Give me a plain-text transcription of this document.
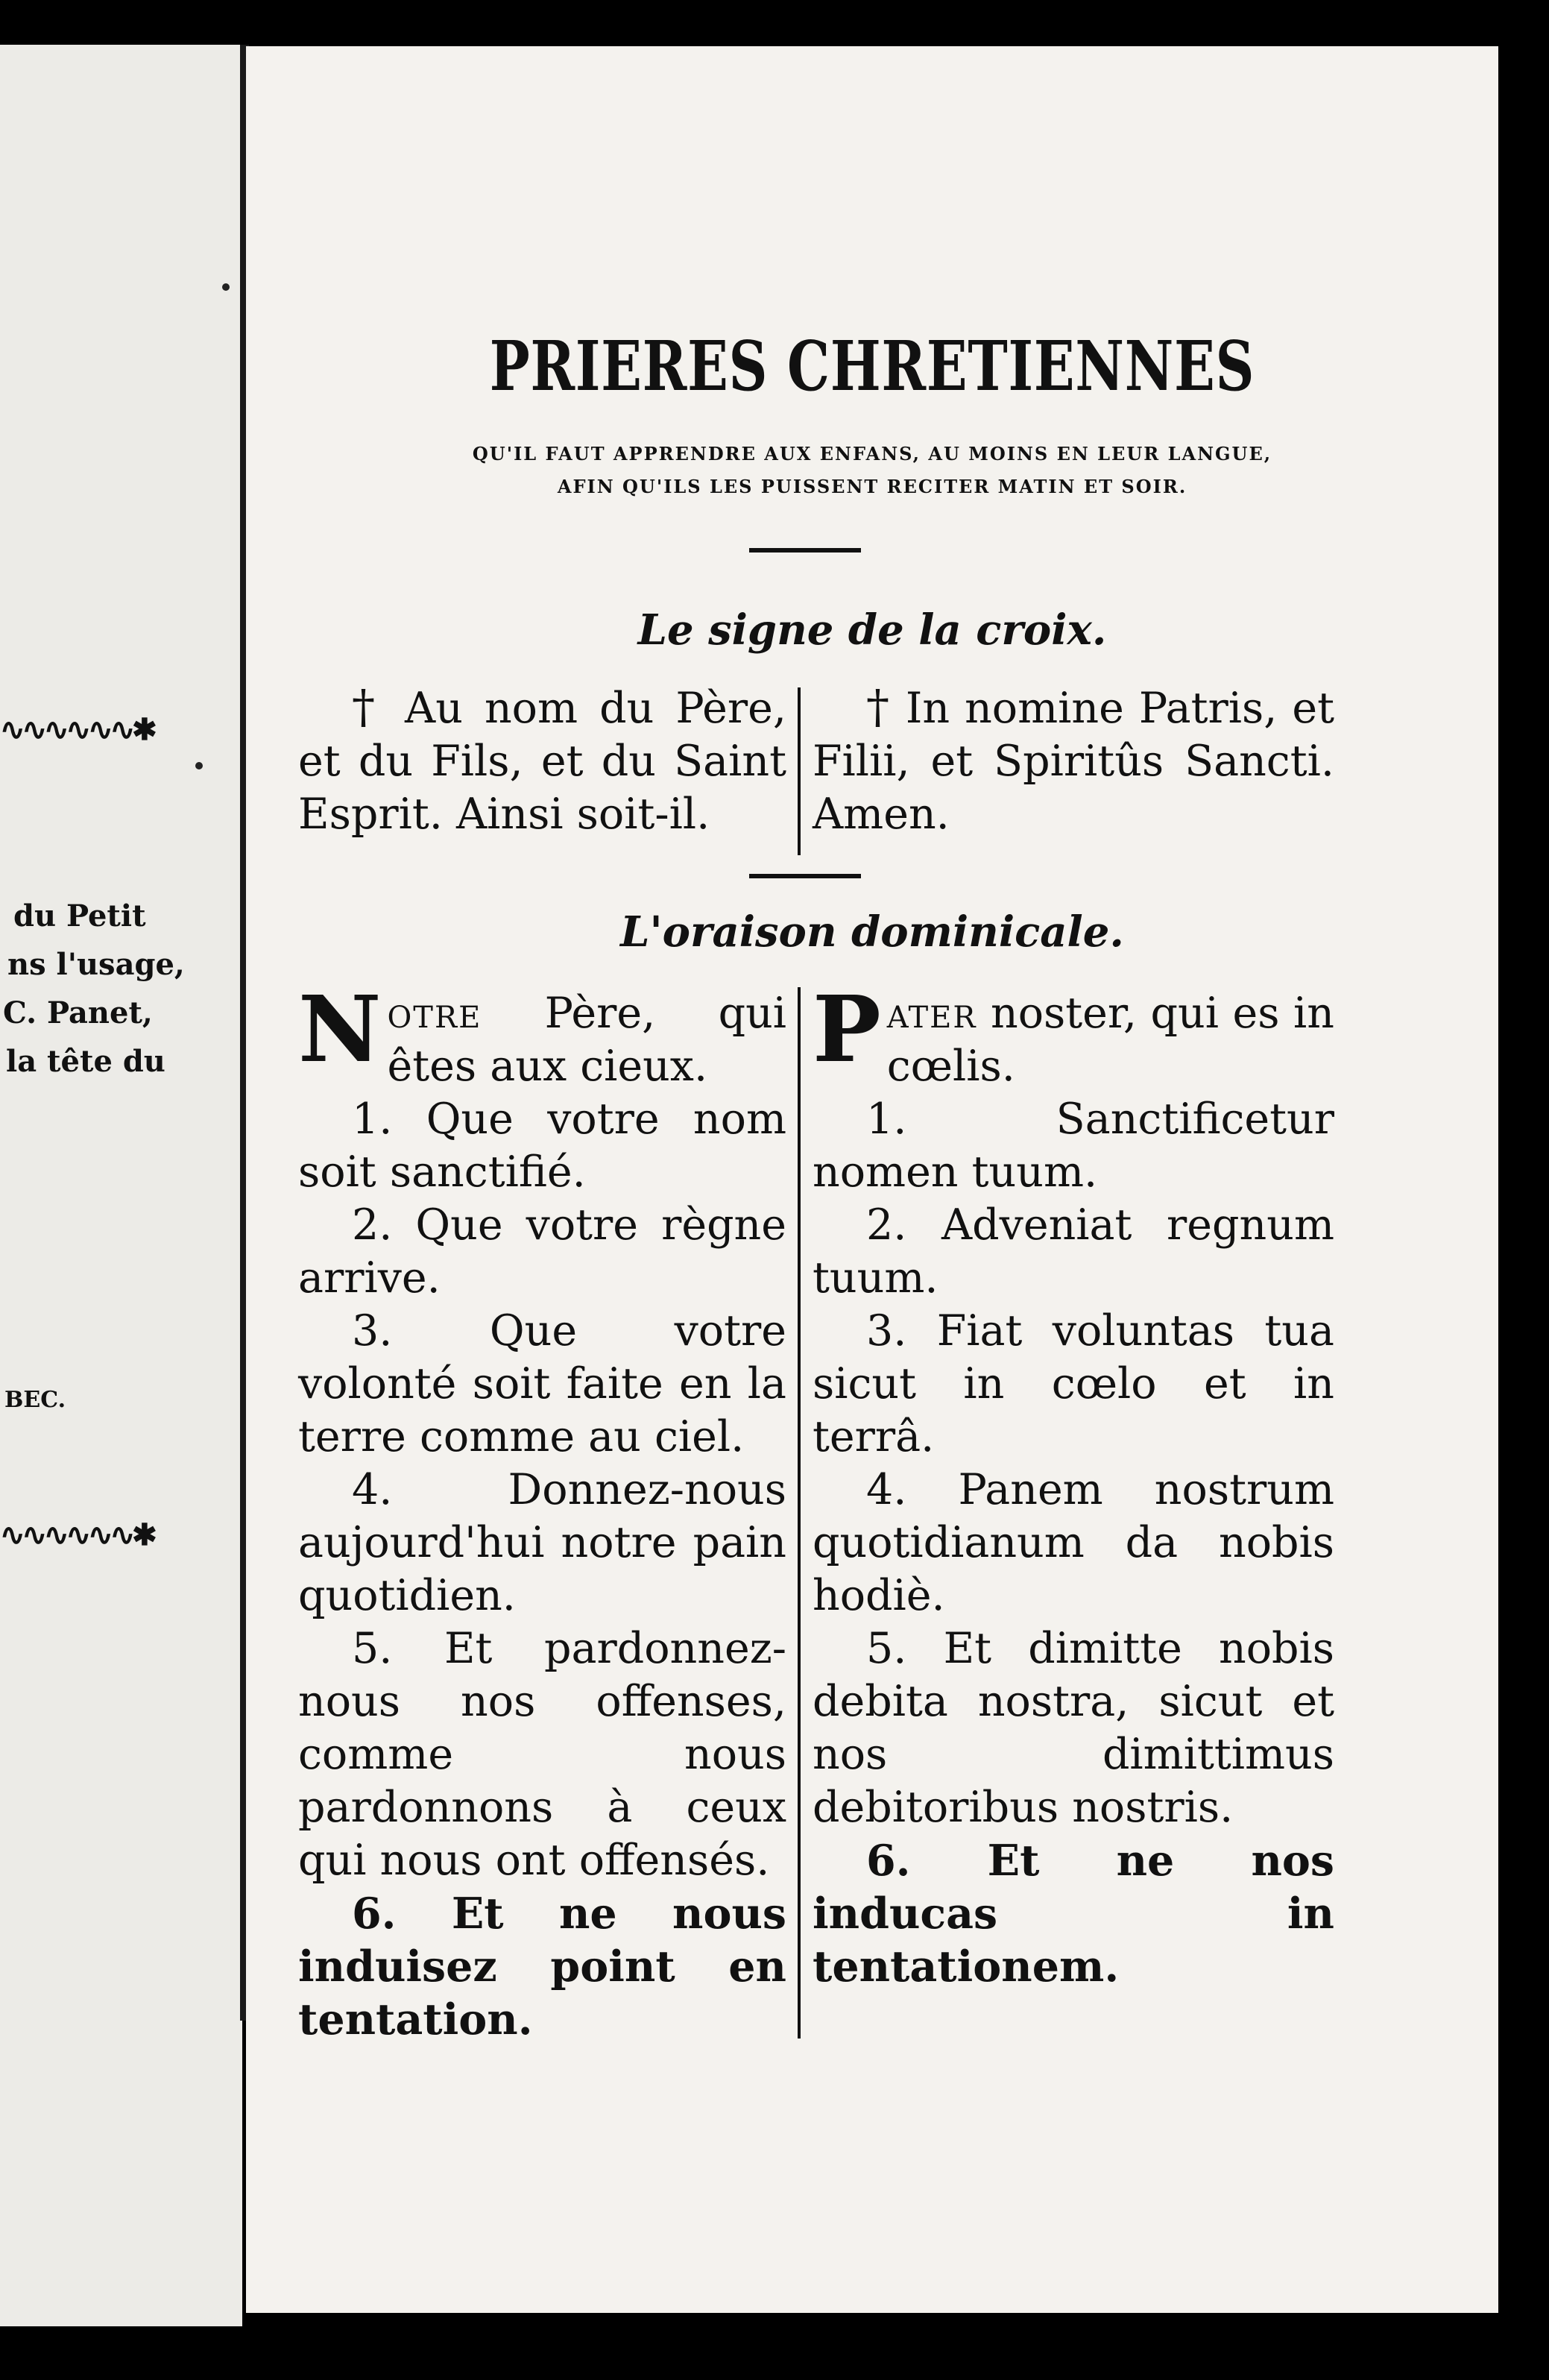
∿∿∿∿∿∿✱
du Petit
ns l'usage,
C. Panet,
la tête du
BEC.
∿∿∿∿∿∿✱
PRIERES CHRETIENNES
QU'IL FAUT APPRENDRE AUX ENFANS, AU MOINS EN LEUR LANGUE,
AFIN QU'ILS LES PUISSENT RECITER MATIN ET SOIR.
Le signe de la croix.

† Au nom du Père, et du Fils, et du Saint Esprit. Ainsi soit-il.

† In nomine Patris, et Filii, et Spiritûs Sancti. Amen.

L'oraison dominicale.

N otre Père, qui êtes aux cieux.

1. Que votre nom soit sanctifié.

2. Que votre règne arrive.

3. Que votre volonté soit faite en la terre comme au ciel.

4. Donnez-nous aujourd'hui notre pain quotidien.

5. Et pardonnez-nous nos offenses, comme nous pardonnons à ceux qui nous ont offensés.

6. Et ne nous induisez point en tentation.

P ater noster, qui es in cœlis.

1. Sanctificetur nomen tuum.

2. Adveniat regnum tuum.

3. Fiat voluntas tua sicut in cœlo et in terrâ.

4. Panem nostrum quotidianum da nobis hodiè.

5. Et dimitte nobis debita nostra, sicut et nos dimittimus debitoribus nostris.

6. Et ne nos inducas in tentationem.
